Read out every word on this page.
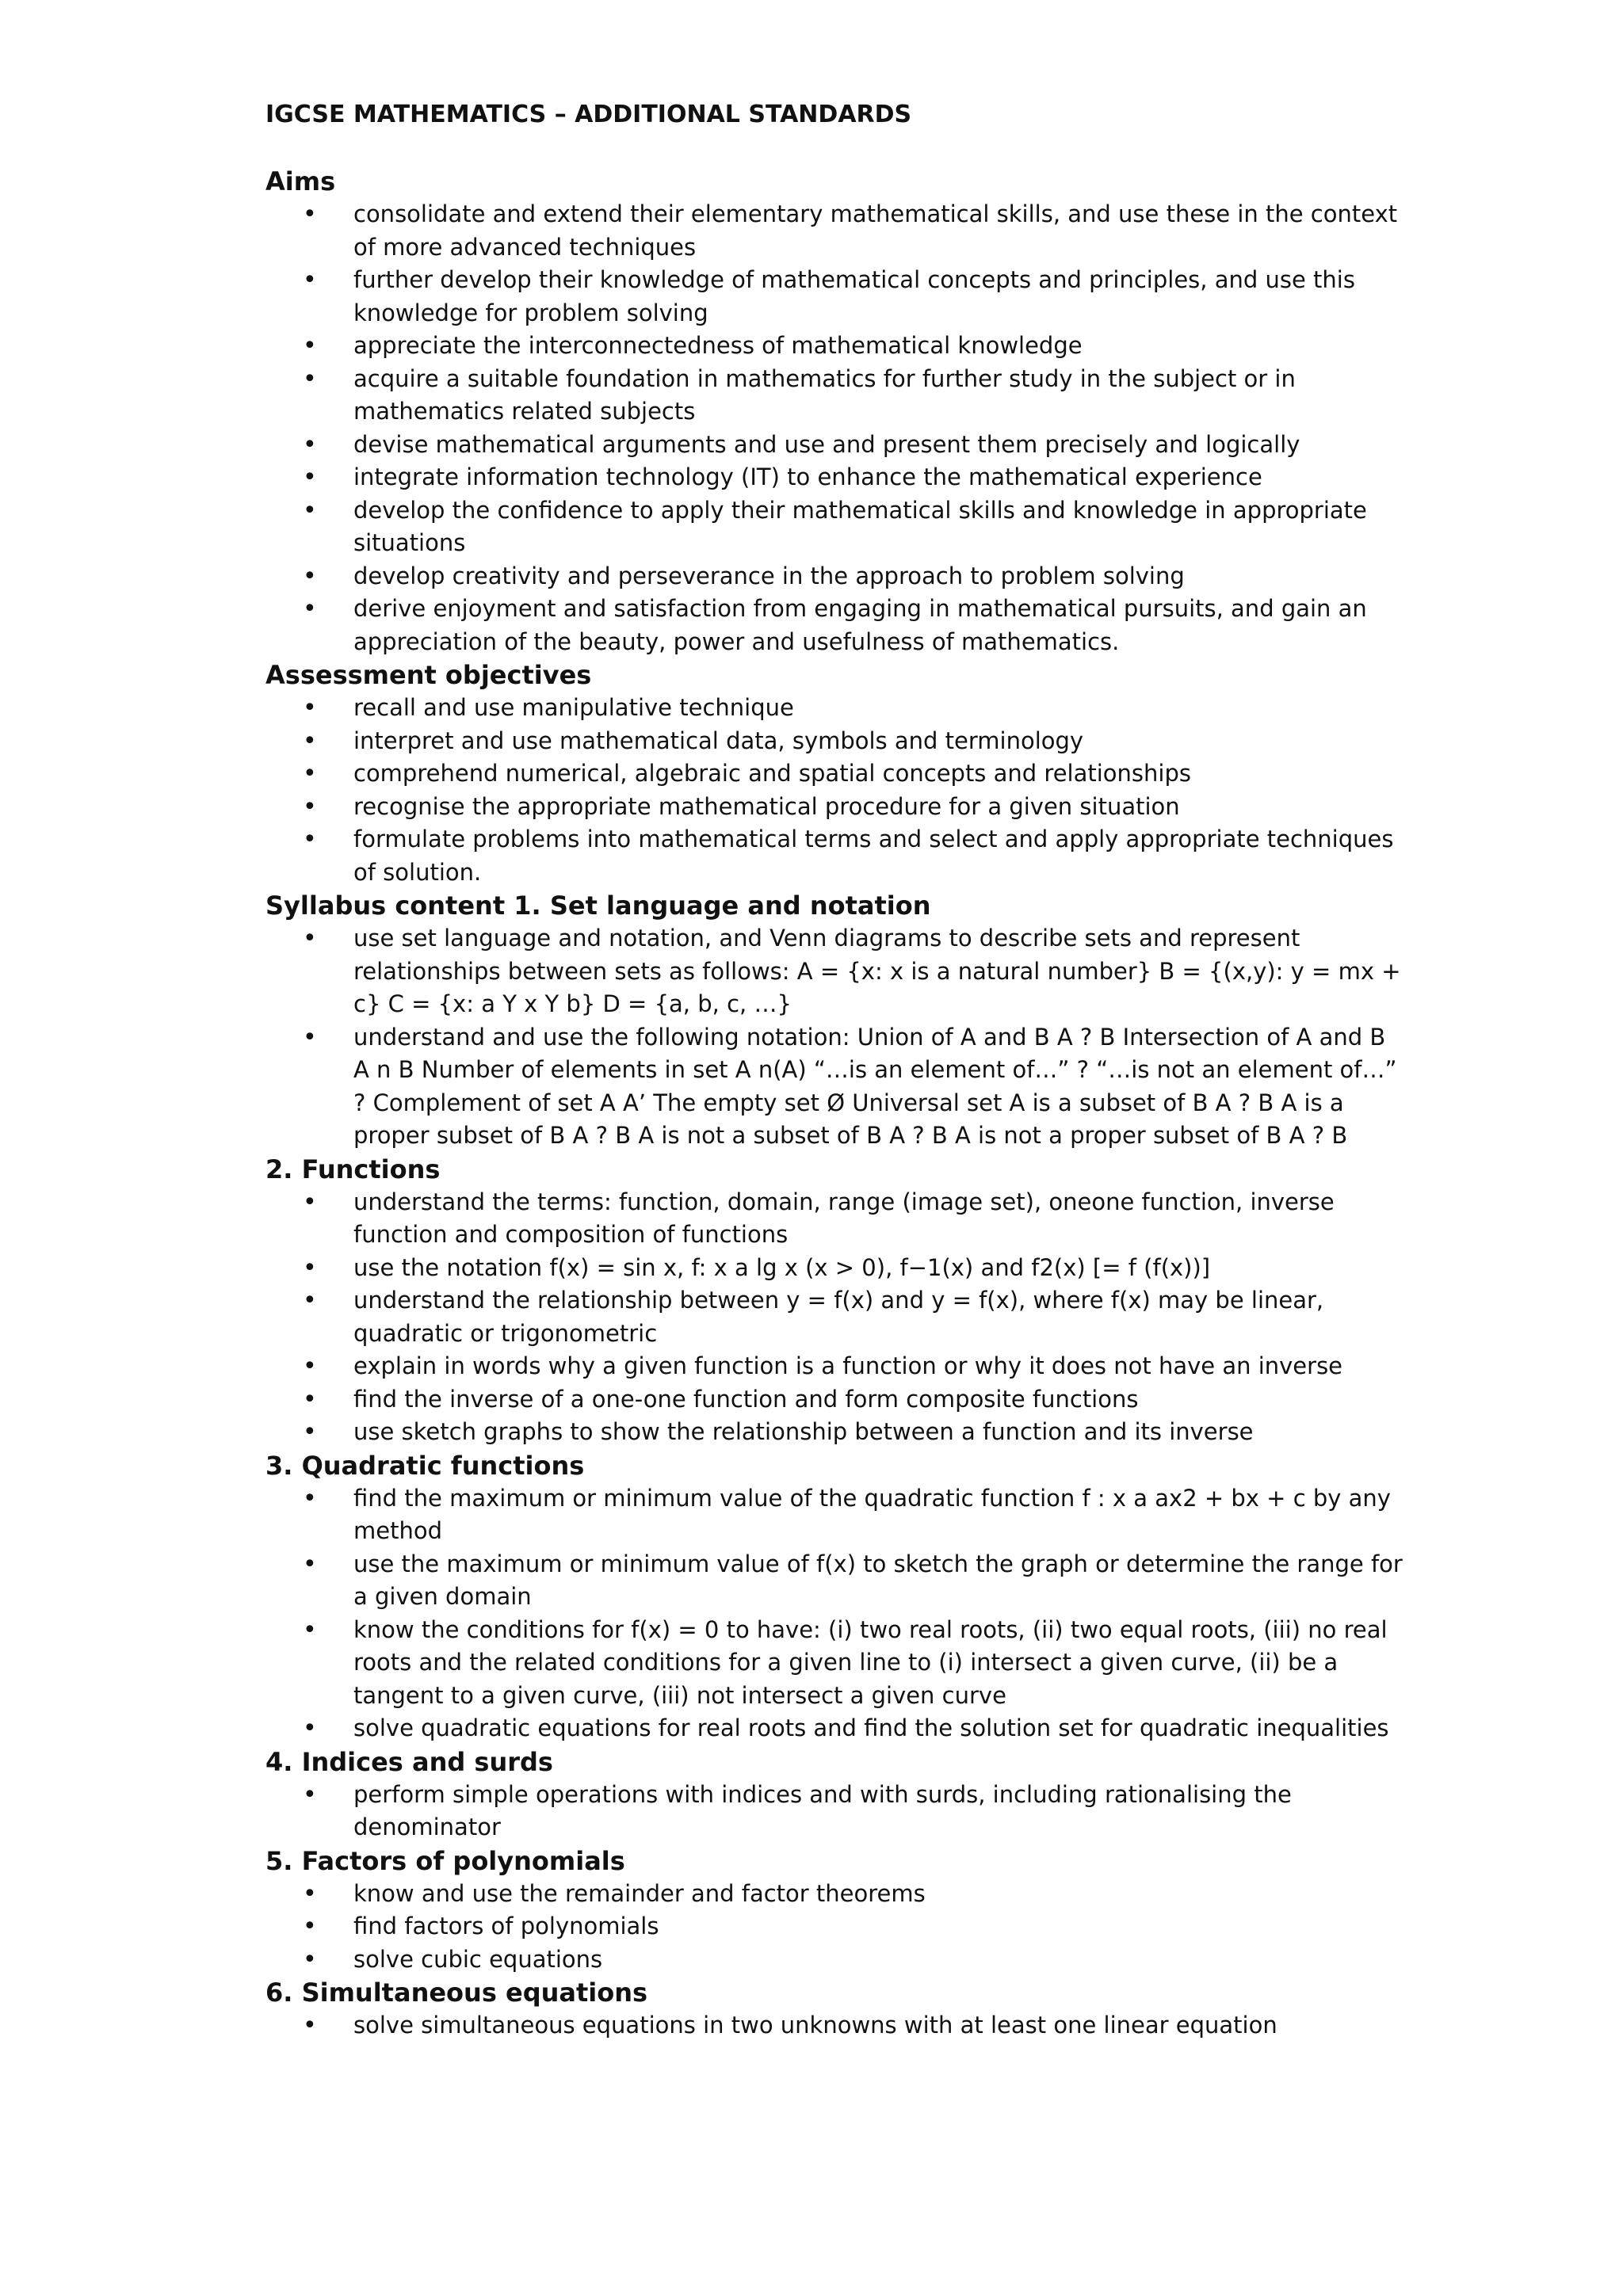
IGCSE MATHEMATICS – ADDITIONAL STANDARDS
Aims
• consolidate and extend their elementary mathematical skills, and use these in the context of more advanced techniques
• further develop their knowledge of mathematical concepts and principles, and use this knowledge for problem solving
• appreciate the interconnectedness of mathematical knowledge
• acquire a suitable foundation in mathematics for further study in the subject or in mathematics related subjects
• devise mathematical arguments and use and present them precisely and logically
• integrate information technology (IT) to enhance the mathematical experience
• develop the confidence to apply their mathematical skills and knowledge in appropriate situations
• develop creativity and perseverance in the approach to problem solving
• derive enjoyment and satisfaction from engaging in mathematical pursuits, and gain an appreciation of the beauty, power and usefulness of mathematics.
Assessment objectives
• recall and use manipulative technique
• interpret and use mathematical data, symbols and terminology
• comprehend numerical, algebraic and spatial concepts and relationships
• recognise the appropriate mathematical procedure for a given situation
• formulate problems into mathematical terms and select and apply appropriate techniques of solution.
Syllabus content 1. Set language and notation
• use set language and notation, and Venn diagrams to describe sets and represent relationships between sets as follows: A = {x: x is a natural number} B = {(x,y): y = mx + c} C = {x: a Y x Y b} D = {a, b, c, …}
• understand and use the following notation: Union of A and B A ? B Intersection of A and B A n B Number of elements in set A n(A) “…is an element of…” ? “…is not an element of…” ? Complement of set A A’ The empty set Ø Universal set A is a subset of B A ? B A is a proper subset of B A ? B A is not a subset of B A ? B A is not a proper subset of B A ? B
2. Functions
• understand the terms: function, domain, range (image set), oneone function, inverse function and composition of functions
• use the notation f(x) = sin x, f: x a lg x (x > 0), f−1(x) and f2(x) [= f (f(x))]
• understand the relationship between y = f(x) and y = f(x), where f(x) may be linear, quadratic or trigonometric
• explain in words why a given function is a function or why it does not have an inverse
• find the inverse of a one-one function and form composite functions
• use sketch graphs to show the relationship between a function and its inverse
3. Quadratic functions
• find the maximum or minimum value of the quadratic function f : x a ax2 + bx + c by any method
• use the maximum or minimum value of f(x) to sketch the graph or determine the range for a given domain
• know the conditions for f(x) = 0 to have: (i) two real roots, (ii) two equal roots, (iii) no real roots and the related conditions for a given line to (i) intersect a given curve, (ii) be a tangent to a given curve, (iii) not intersect a given curve
• solve quadratic equations for real roots and find the solution set for quadratic inequalities
4. Indices and surds
• perform simple operations with indices and with surds, including rationalising the denominator
5. Factors of polynomials
• know and use the remainder and factor theorems
• find factors of polynomials
• solve cubic equations
6. Simultaneous equations
• solve simultaneous equations in two unknowns with at least one linear equation
